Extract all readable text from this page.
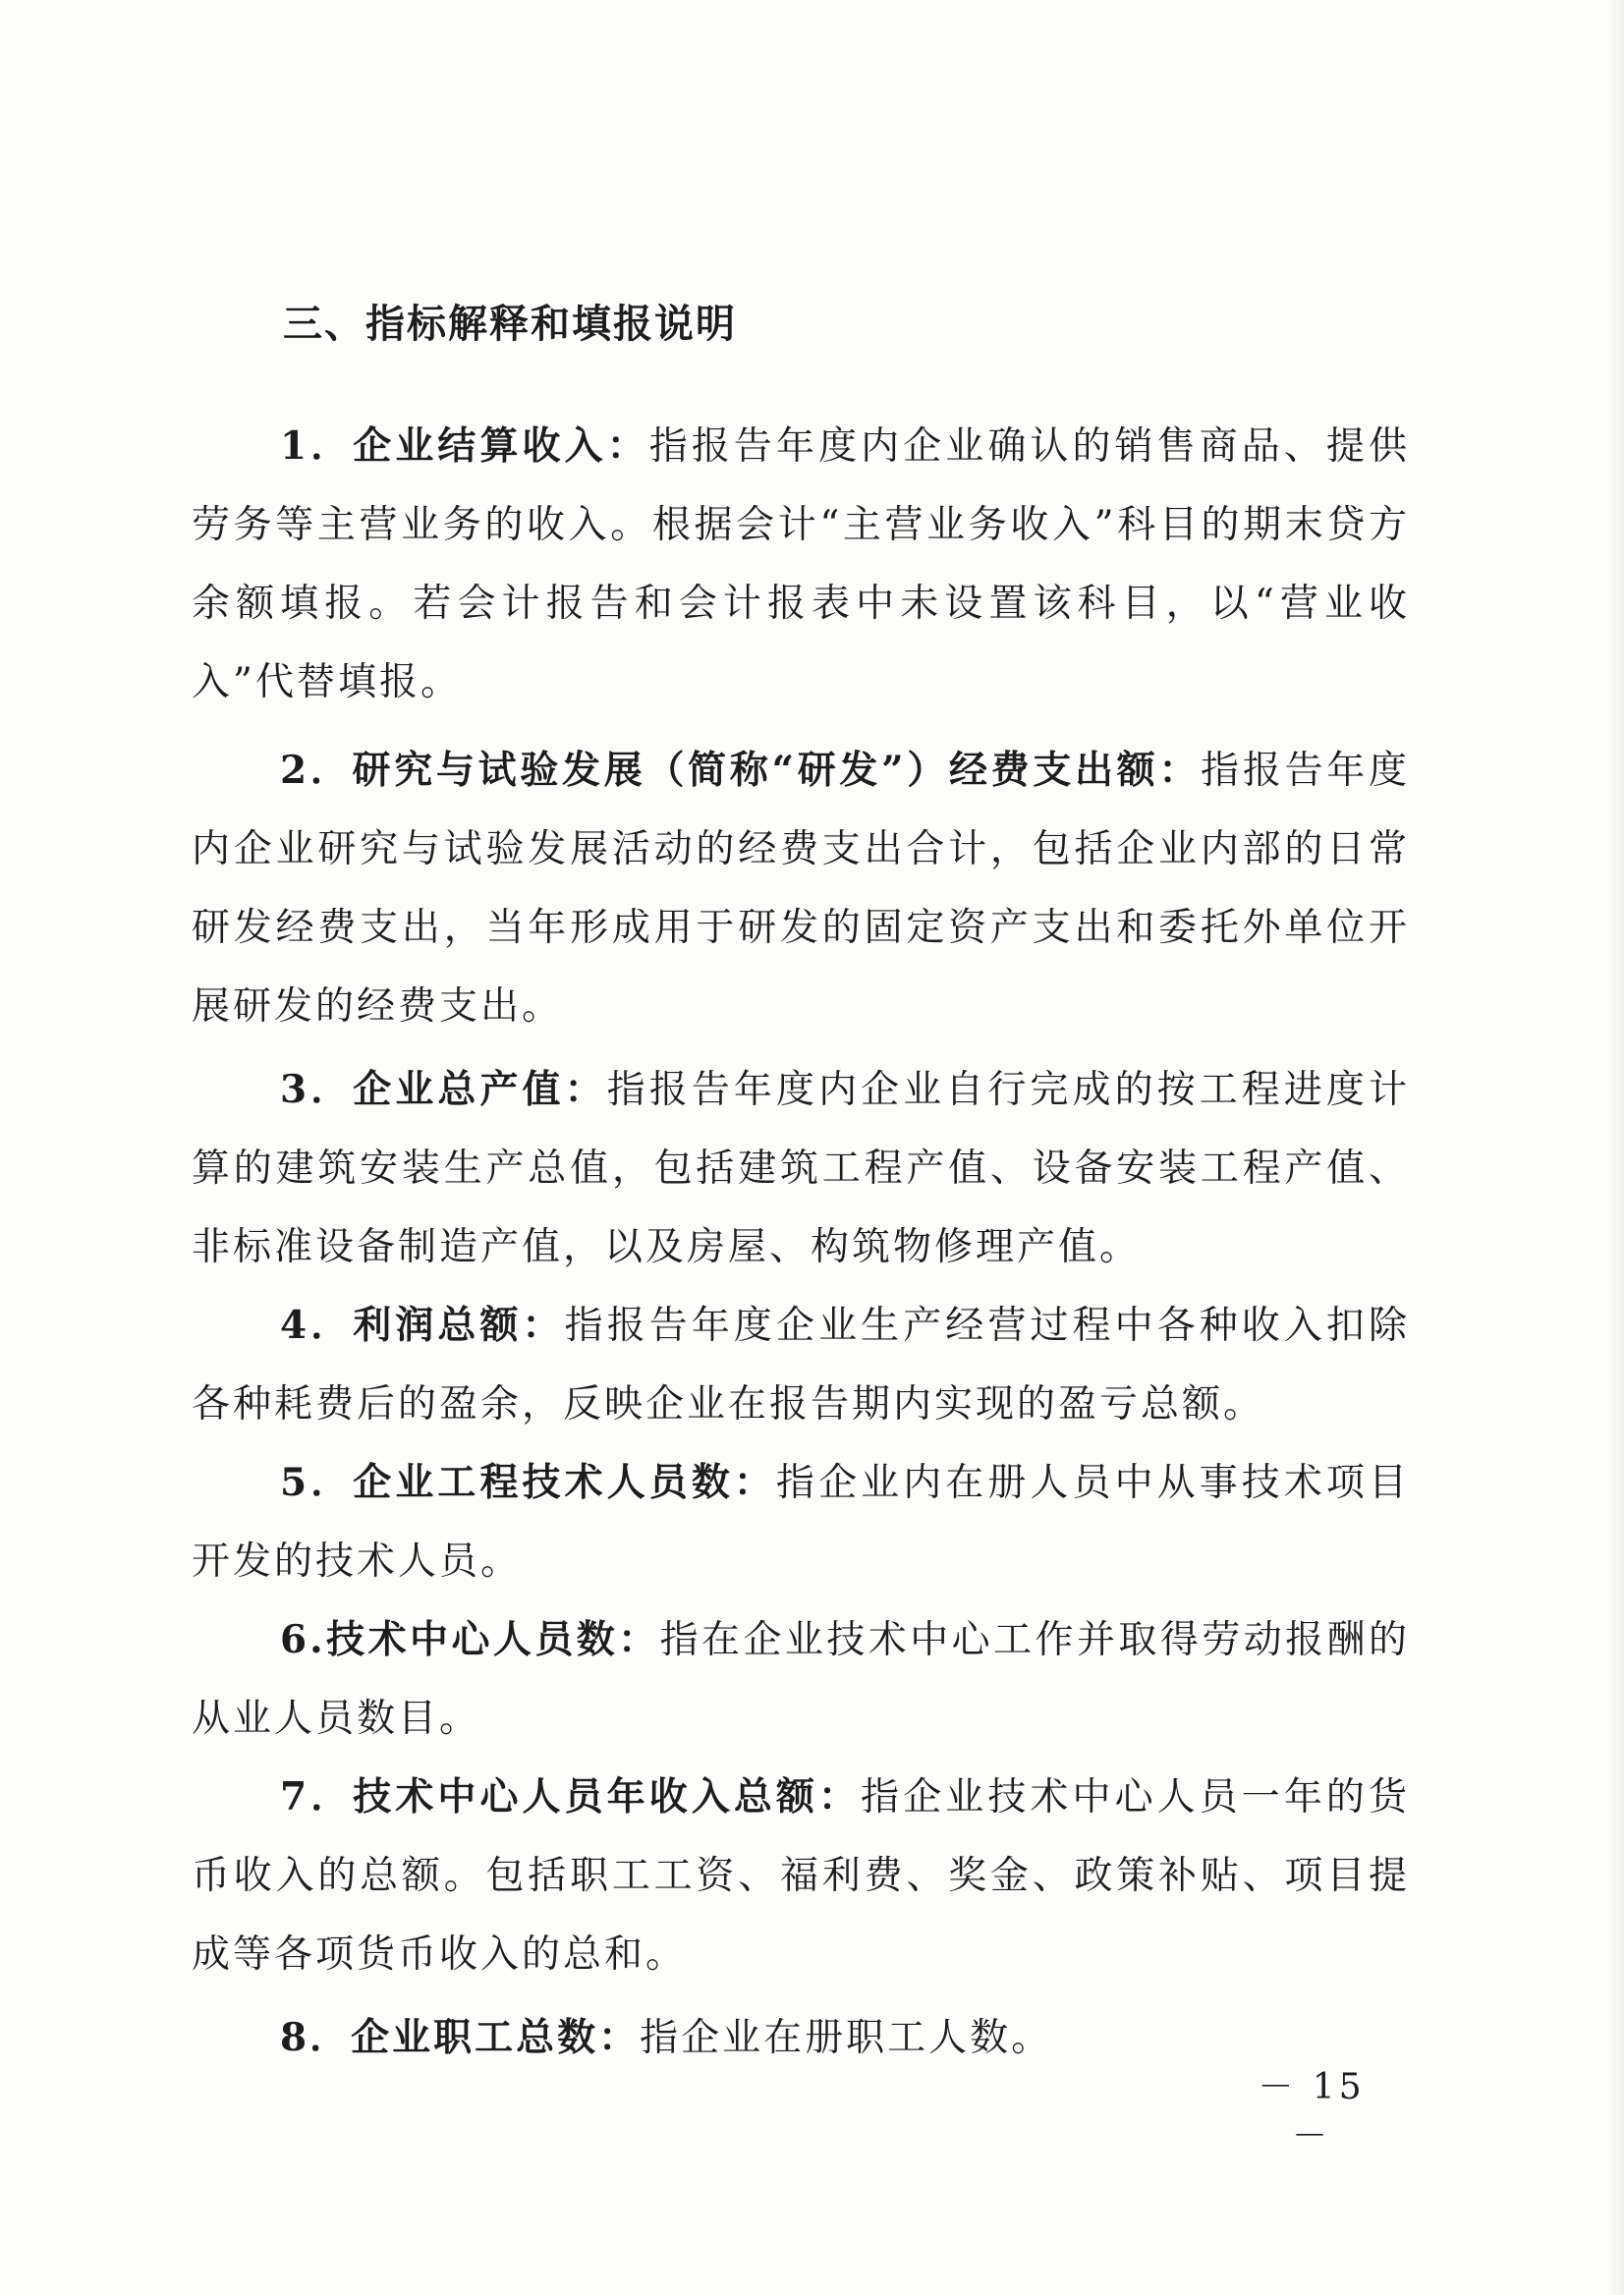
三、指标解释和填报说明

1．企业结算收入：指报告年度内企业确认的销售商品、提供劳务等主营业务的收入。根据会计“主营业务收入”科目的期末贷方余额填报。若会计报告和会计报表中未设置该科目，以“营业收入”代替填报。

2．研究与试验发展（简称“研发”）经费支出额：指报告年度内企业研究与试验发展活动的经费支出合计，包括企业内部的日常研发经费支出，当年形成用于研发的固定资产支出和委托外单位开展研发的经费支出。

3．企业总产值：指报告年度内企业自行完成的按工程进度计算的建筑安装生产总值，包括建筑工程产值、设备安装工程产值、非标准设备制造产值，以及房屋、构筑物修理产值。

4．利润总额：指报告年度企业生产经营过程中各种收入扣除各种耗费后的盈余，反映企业在报告期内实现的盈亏总额。

5．企业工程技术人员数：指企业内在册人员中从事技术项目开发的技术人员。

6.技术中心人员数：指在企业技术中心工作并取得劳动报酬的从业人员数目。

7．技术中心人员年收入总额：指企业技术中心人员一年的货币收入的总额。包括职工工资、福利费、奖金、政策补贴、项目提成等各项货币收入的总和。

8．企业职工总数：指企业在册职工人数。

－ 15 －
